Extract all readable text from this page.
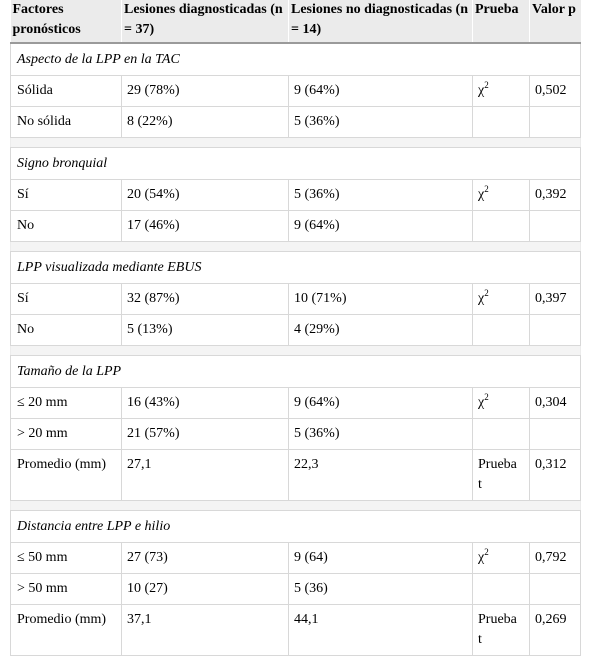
Factores pronósticos	Lesiones diagnosticadas (n = 37)	Lesiones no diagnosticadas (n = 14)	Prueba	Valor p
Aspecto de la LPP en la TAC				
Sólida	29 (78%)	9 (64%)	$\chi^2$	0,502
No sólida	8 (22%)	5 (36%)		

Signo bronquial				
Sí	20 (54%)	5 (36%)	$\chi^2$	0,392
No	17 (46%)	9 (64%)		

LPP visualizada mediante EBUS				
Sí	32 (87%)	10 (71%)	$\chi^2$	0,397
No	5 (13%)	4 (29%)		

Tamaño de la LPP				
≤ 20 mm	16 (43%)	9 (64%)	$\chi^2$	0,304
> 20 mm	21 (57%)	5 (36%)		
Promedio (mm)	27,1	22,3	Prueba t	0,312

Distancia entre LPP e hilio				
≤ 50 mm	27 (73)	9 (64)	$\chi^2$	0,792
> 50 mm	10 (27)	5 (36)		
Promedio (mm)	37,1	44,1	Prueba t	0,269
